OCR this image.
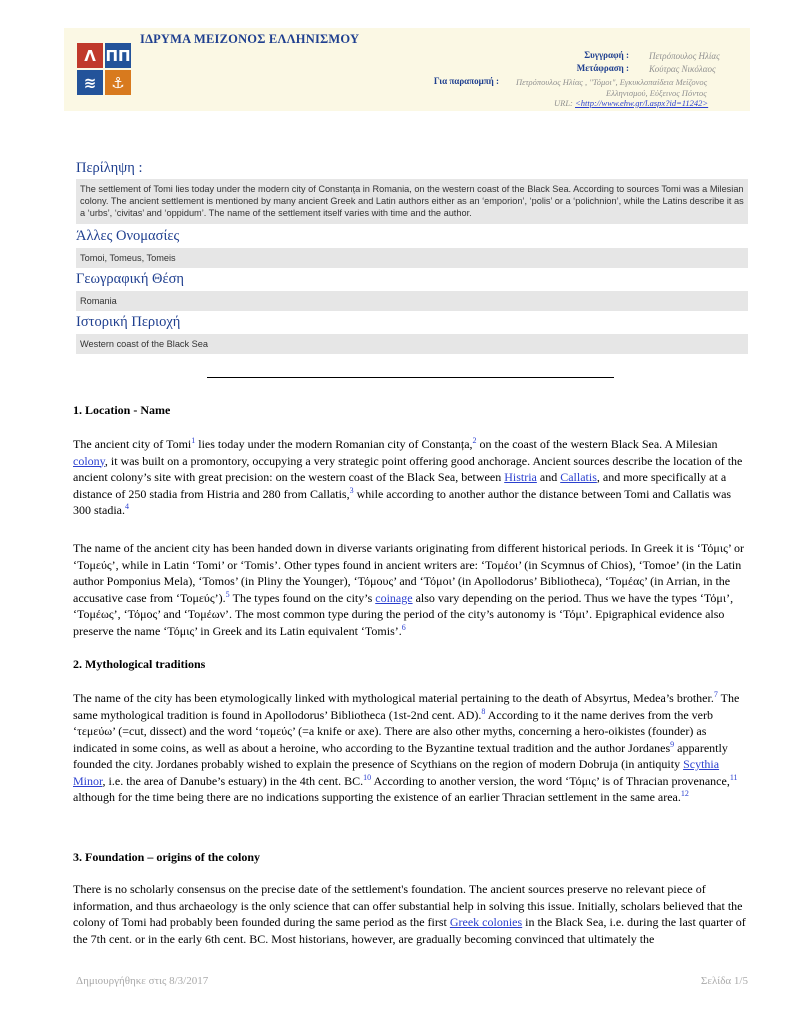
Λ ΠΠ
≋ ⚓
ΙΔΡΥΜΑ ΜΕΙΖΟΝΟΣ ΕΛΛΗΝΙΣΜΟΥ
Συγγραφή : Πετρόπουλος Ηλίας
Μετάφραση : Κούτρας Νικόλαος
Για παραπομπή : Πετρόπουλος Ηλίας , "Τόμοι", Εγκυκλοπαίδεια Μείζονος
Ελληνισμού, Εύξεινος Πόντος
URL: <http://www.ehw.gr/l.aspx?id=11242>
Περίληψη :
The settlement of Tomi lies today under the modern city of Constanța in Romania, on the western coast of the Black Sea. According to sources Tomi was a Milesian colony. The ancient settlement is mentioned by many ancient Greek and Latin authors either as an ‘emporion’, ‘polis’ or a ‘polichnion’, while the Latins describe it as a ‘urbs’, ‘civitas’ and ‘oppidum’. The name of the settlement itself varies with time and the author.
Άλλες Ονομασίες
Tomoi, Tomeus, Tomeis
Γεωγραφική Θέση
Romania
Ιστορική Περιοχή
Western coast of the Black Sea
1. Location - Name
The ancient city of Tomi$^1$ lies today under the modern Romanian city of Constanța,$^2$ on the coast of the western Black Sea. A Milesian colony, it was built on a promontory, occupying a very strategic point offering good anchorage. Ancient sources describe the location of the ancient colony’s site with great precision: on the western coast of the Black Sea, between Histria and Callatis, and more specifically at a distance of 250 stadia from Histria and 280 from Callatis,$^3$ while according to another author the distance between Tomi and Callatis was 300 stadia.$^4$
The name of the ancient city has been handed down in diverse variants originating from different historical periods. In Greek it is ‘Τόμις’ or ‘Τομεύς’, while in Latin ‘Tomi’ or ‘Tomis’. Other types found in ancient writers are: ‘Τομέοι’ (in Scymnus of Chios), ‘Tomoe’ (in the Latin author Pomponius Mela), ‘Tomos’ (in Pliny the Younger), ‘Τόμους’ and ‘Τόμοι’ (in Apollodorus’ Bibliotheca), ‘Τομέας’ (in Arrian, in the accusative case from ‘Τομεύς’).$^5$ The types found on the city’s coinage also vary depending on the period. Thus we have the types ‘Τόμι’, ‘Τομέως’, ‘Τόμος’ and ‘Τομέων’. The most common type during the period of the city’s autonomy is ‘Τόμι’. Epigraphical evidence also preserve the name ‘Τόμις’ in Greek and its Latin equivalent ‘Tomis’.$^6$
2. Mythological traditions
The name of the city has been etymologically linked with mythological material pertaining to the death of Absyrtus, Medea’s brother.$^7$ The same mythological tradition is found in Apollodorus’ Bibliotheca (1st-2nd cent. AD).$^8$ According to it the name derives from the verb ‘τεμεύω’ (=cut, dissect) and the word ‘τομεύς’ (=a knife or axe). There are also other myths, concerning a hero-oikistes (founder) as indicated in some coins, as well as about a heroine, who according to the Byzantine textual tradition and the author Jordanes$^9$ apparently founded the city. Jordanes probably wished to explain the presence of Scythians on the region of modern Dobruja (in antiquity Scythia Minor, i.e. the area of Danube’s estuary) in the 4th cent. BC.$^{10}$ According to another version, the word ‘Τόμις’ is of Thracian provenance,$^{11}$ although for the time being there are no indications supporting the existence of an earlier Thracian settlement in the same area.$^{12}$
3. Foundation – origins of the colony
There is no scholarly consensus on the precise date of the settlement's foundation. The ancient sources preserve no relevant piece of information, and thus archaeology is the only science that can offer substantial help in solving this issue. Initially, scholars believed that the colony of Tomi had probably been founded during the same period as the first Greek colonies in the Black Sea, i.e. during the last quarter of the 7th cent. or in the early 6th cent. BC. Most historians, however, are gradually becoming convinced that ultimately the
Δημιουργήθηκε στις 8/3/2017	Σελίδα 1/5
